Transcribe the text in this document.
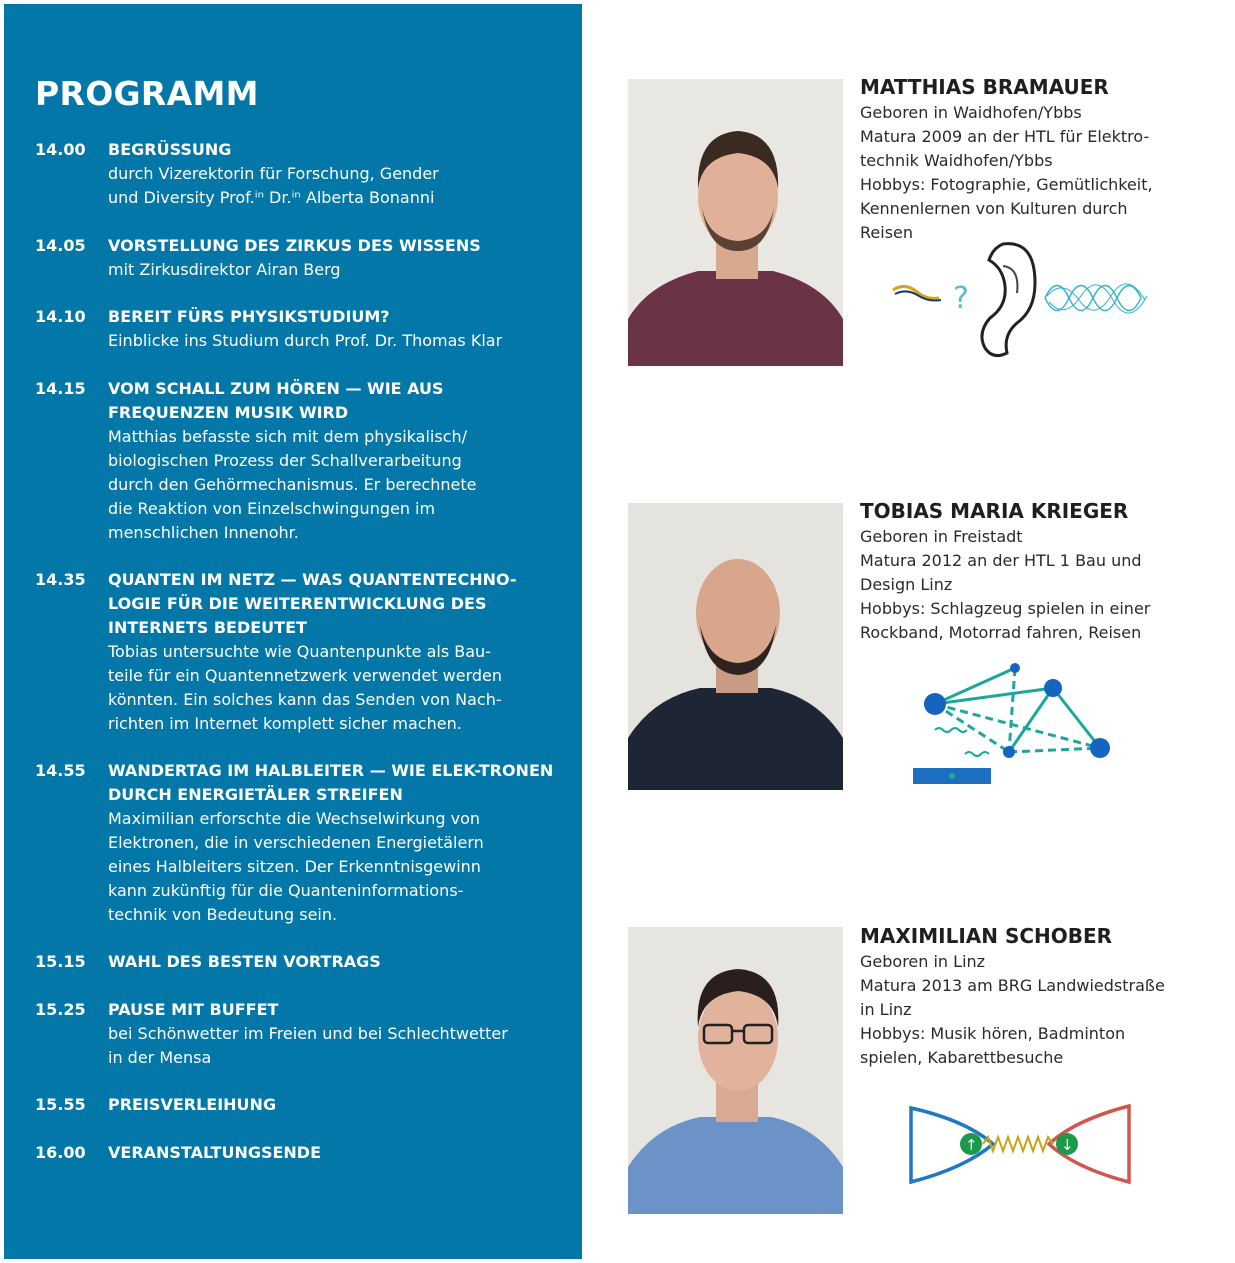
PROGRAMM
14.00 BEGRÜSSUNG
durch Vizerektorin für Forschung, Gender
und Diversity Prof.ⁱⁿ Dr.ⁱⁿ Alberta Bonanni
14.05 VORSTELLUNG DES ZIRKUS DES WISSENS
mit Zirkusdirektor Airan Berg
14.10 BEREIT FÜRS PHYSIKSTUDIUM?
Einblicke ins Studium durch Prof. Dr. Thomas Klar
14.15 VOM SCHALL ZUM HÖREN — WIE AUS FREQUENZEN MUSIK WIRD
Matthias befasste sich mit dem physikalisch/
biologischen Prozess der Schallverarbeitung
durch den Gehörmechanismus. Er berechnete
die Reaktion von Einzelschwingungen im
menschlichen Innenohr.
14.35 QUANTEN IM NETZ — WAS QUANTENTECHNO-LOGIE FÜR DIE WEITERENTWICKLUNG DES INTERNETS BEDEUTET
Tobias untersuchte wie Quantenpunkte als Bau-
teile für ein Quantennetzwerk verwendet werden
könnten. Ein solches kann das Senden von Nach-
richten im Internet komplett sicher machen.
14.55 WANDERTAG IM HALBLEITER — WIE ELEK-TRONEN DURCH ENERGIETÄLER STREIFEN
Maximilian erforschte die Wechselwirkung von
Elektronen, die in verschiedenen Energietälern
eines Halbleiters sitzen. Der Erkenntnisgewinn
kann zukünftig für die Quanteninformations-
technik von Bedeutung sein.
15.15 WAHL DES BESTEN VORTRAGS
15.25 PAUSE MIT BUFFET
bei Schönwetter im Freien und bei Schlechtwetter
in der Mensa
15.55 PREISVERLEIHUNG
16.00 VERANSTALTUNGSENDE
MATTHIAS BRAMAUER
Geboren in Waidhofen/Ybbs
Matura 2009 an der HTL für Elektro-
technik Waidhofen/Ybbs
Hobbys: Fotographie, Gemütlichkeit,
Kennenlernen von Kulturen durch
Reisen
?
TOBIAS MARIA KRIEGER
Geboren in Freistadt
Matura 2012 an der HTL 1 Bau und
Design Linz
Hobbys: Schlagzeug spielen in einer
Rockband, Motorrad fahren, Reisen
MAXIMILIAN SCHOBER
Geboren in Linz
Matura 2013 am BRG Landwiedstraße
in Linz
Hobbys: Musik hören, Badminton
spielen, Kabarettbesuche
↑	↓
